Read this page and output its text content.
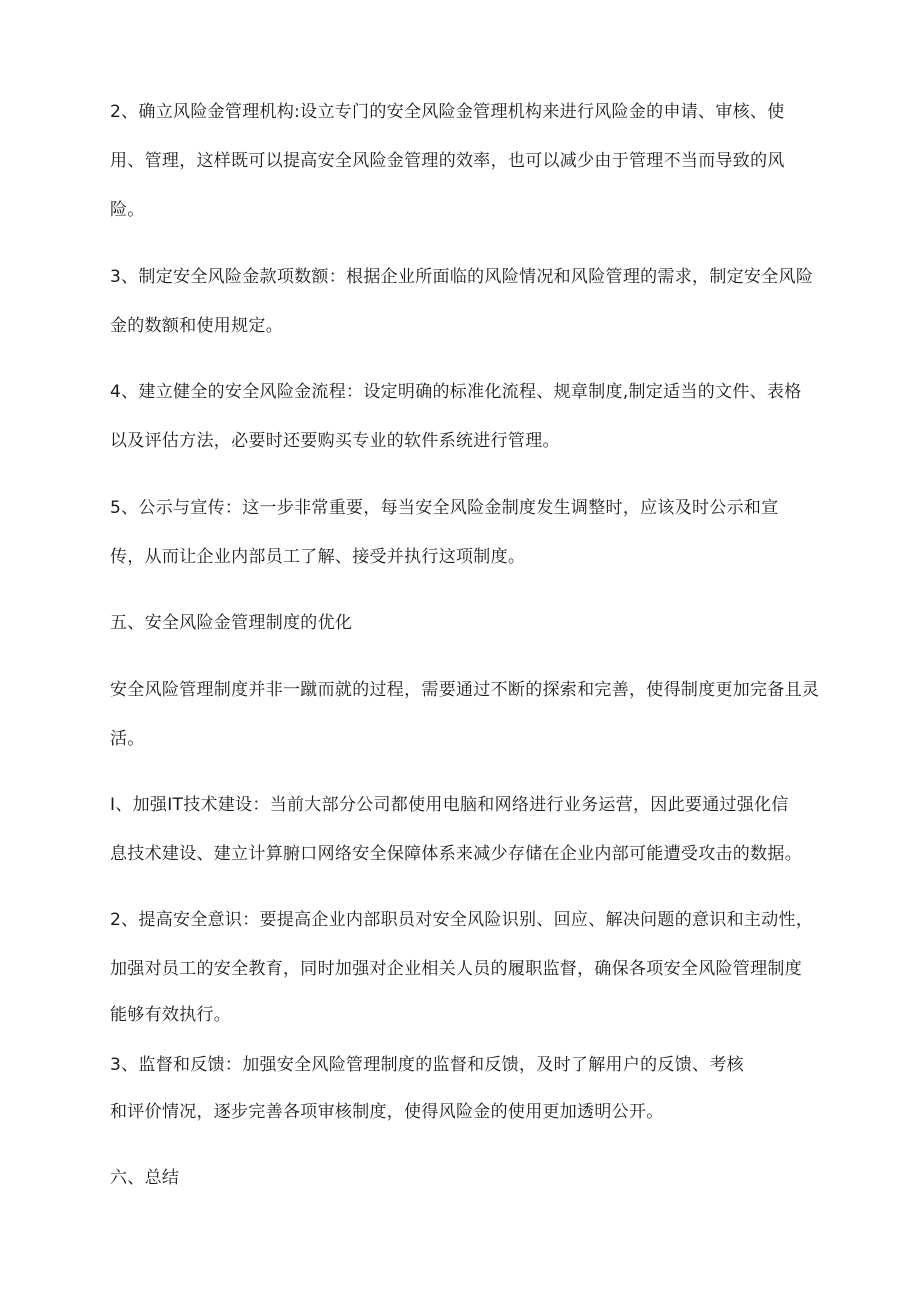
2、确立风险金管理机构:设立专门的安全风险金管理机构来进行风险金的申请、审核、使
用、管理，这样既可以提高安全风险金管理的效率，也可以减少由于管理不当而导致的风
险。
3、制定安全风险金款项数额：根据企业所面临的风险情况和风险管理的需求，制定安全风险
金的数额和使用规定。
4、建立健全的安全风险金流程：设定明确的标准化流程、规章制度,制定适当的文件、表格
以及评估方法，必要时还要购买专业的软件系统进行管理。
5、公示与宣传：这一步非常重要，每当安全风险金制度发生调整时，应该及时公示和宣
传，从而让企业内部员工了解、接受并执行这项制度。
五、安全风险金管理制度的优化
安全风险管理制度并非一蹴而就的过程，需要通过不断的探索和完善，使得制度更加完备且灵
活。
I、加强IT技术建设：当前大部分公司都使用电脑和网络进行业务运营，因此要通过强化信
息技术建设、建立计算腑口网络安全保障体系来减少存储在企业内部可能遭受攻击的数据。
2、提高安全意识：要提高企业内部职员对安全风险识别、回应、解决问题的意识和主动性，
加强对员工的安全教育，同时加强对企业相关人员的履职监督，确保各项安全风险管理制度
能够有效执行。
3、监督和反馈：加强安全风险管理制度的监督和反馈，及时了解用户的反馈、考核
和评价情况，逐步完善各项审核制度，使得风险金的使用更加透明公开。
六、总结
